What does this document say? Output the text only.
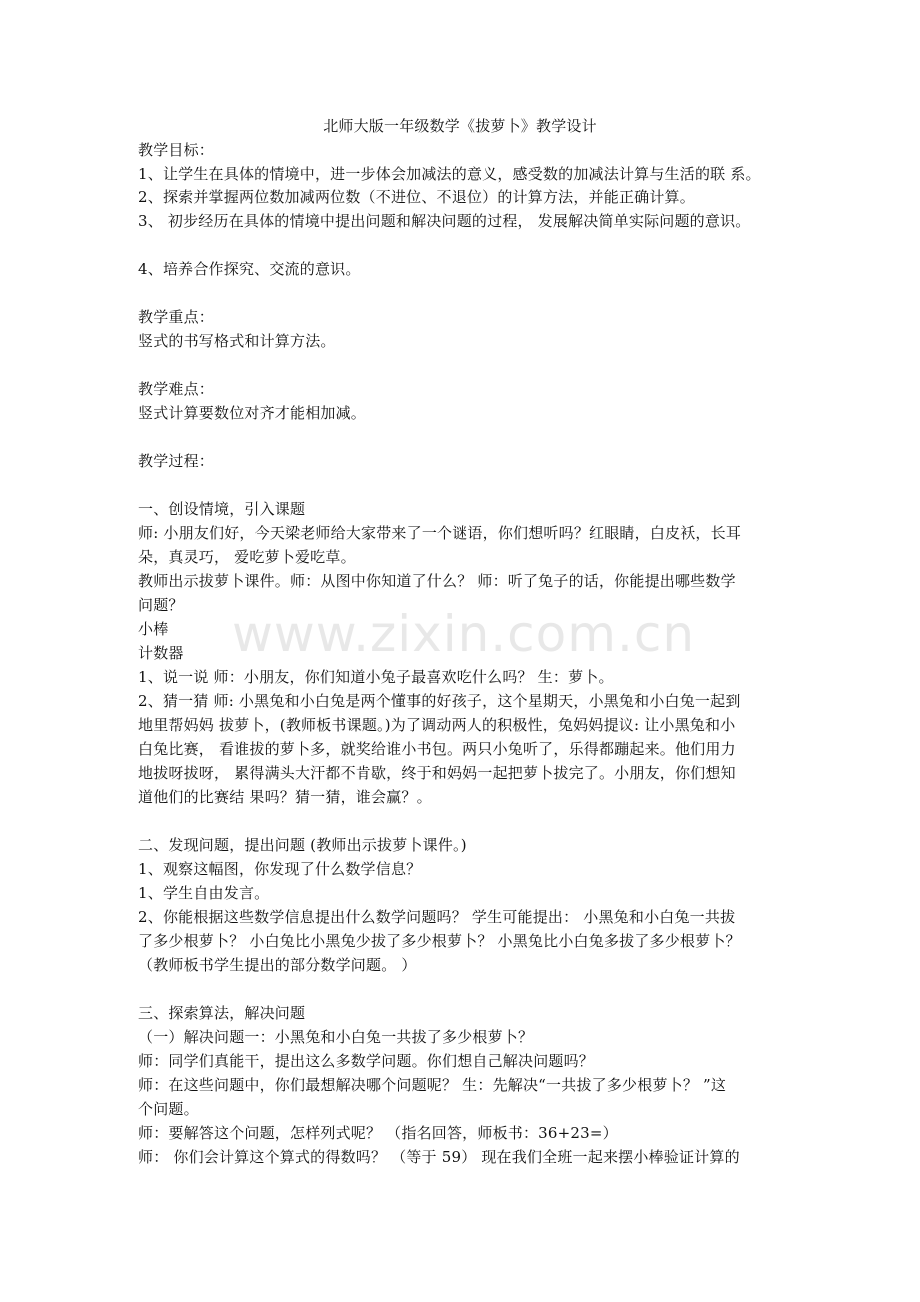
北师大版一年级数学《拔萝卜》教学设计
教学目标：
1、让学生在具体的情境中，进一步体会加减法的意义，感受数的加减法计算与生活的联 系。
2、探索并掌握两位数加减两位数（不进位、不退位）的计算方法，并能正确计算。
3、 初步经历在具体的情境中提出问题和解决问题的过程， 发展解决简单实际问题的意识。
4、培养合作探究、交流的意识。
教学重点：
竖式的书写格式和计算方法。
教学难点：
竖式计算要数位对齐才能相加减。
教学过程：
一、创设情境，引入课题
师: 小朋友们好，今天梁老师给大家带来了一个谜语，你们想听吗？红眼睛，白皮袄，长耳
朵，真灵巧， 爱吃萝卜爱吃草。
教师出示拔萝卜课件。师：从图中你知道了什么？ 师：听了兔子的话，你能提出哪些数学
问题？
小棒
计数器
1、说一说 师：小朋友，你们知道小兔子最喜欢吃什么吗？ 生：萝卜。
2、猜一猜 师: 小黑兔和小白兔是两个懂事的好孩子，这个星期天，小黑兔和小白兔一起到
地里帮妈妈 拔萝卜，(教师板书课题。)为了调动两人的积极性，兔妈妈提议: 让小黑兔和小
白兔比赛， 看谁拔的萝卜多，就奖给谁小书包。两只小兔听了，乐得都蹦起来。他们用力
地拔呀拔呀， 累得满头大汗都不肯歇，终于和妈妈一起把萝卜拔完了。小朋友，你们想知
道他们的比赛结 果吗？猜一猜，谁会赢？。
二、发现问题，提出问题 (教师出示拔萝卜课件。)
1、观察这幅图，你发现了什么数学信息？
1、学生自由发言。
2、你能根据这些数学信息提出什么数学问题吗？ 学生可能提出： 小黑兔和小白兔一共拔
了多少根萝卜？ 小白兔比小黑兔少拔了多少根萝卜？ 小黑兔比小白兔多拔了多少根萝卜？
（教师板书学生提出的部分数学问题。 ）
三、探索算法，解决问题
（一）解决问题一：小黑兔和小白兔一共拔了多少根萝卜？
师：同学们真能干，提出这么多数学问题。你们想自己解决问题吗？
师：在这些问题中，你们最想解决哪个问题呢？ 生：先解决“一共拔了多少根萝卜？ ”这
个问题。
师：要解答这个问题，怎样列式呢？ （指名回答，师板书：36+23=）
师： 你们会计算这个算式的得数吗？ （等于 59） 现在我们全班一起来摆小棒验证计算的
www.zixin.com.cn
